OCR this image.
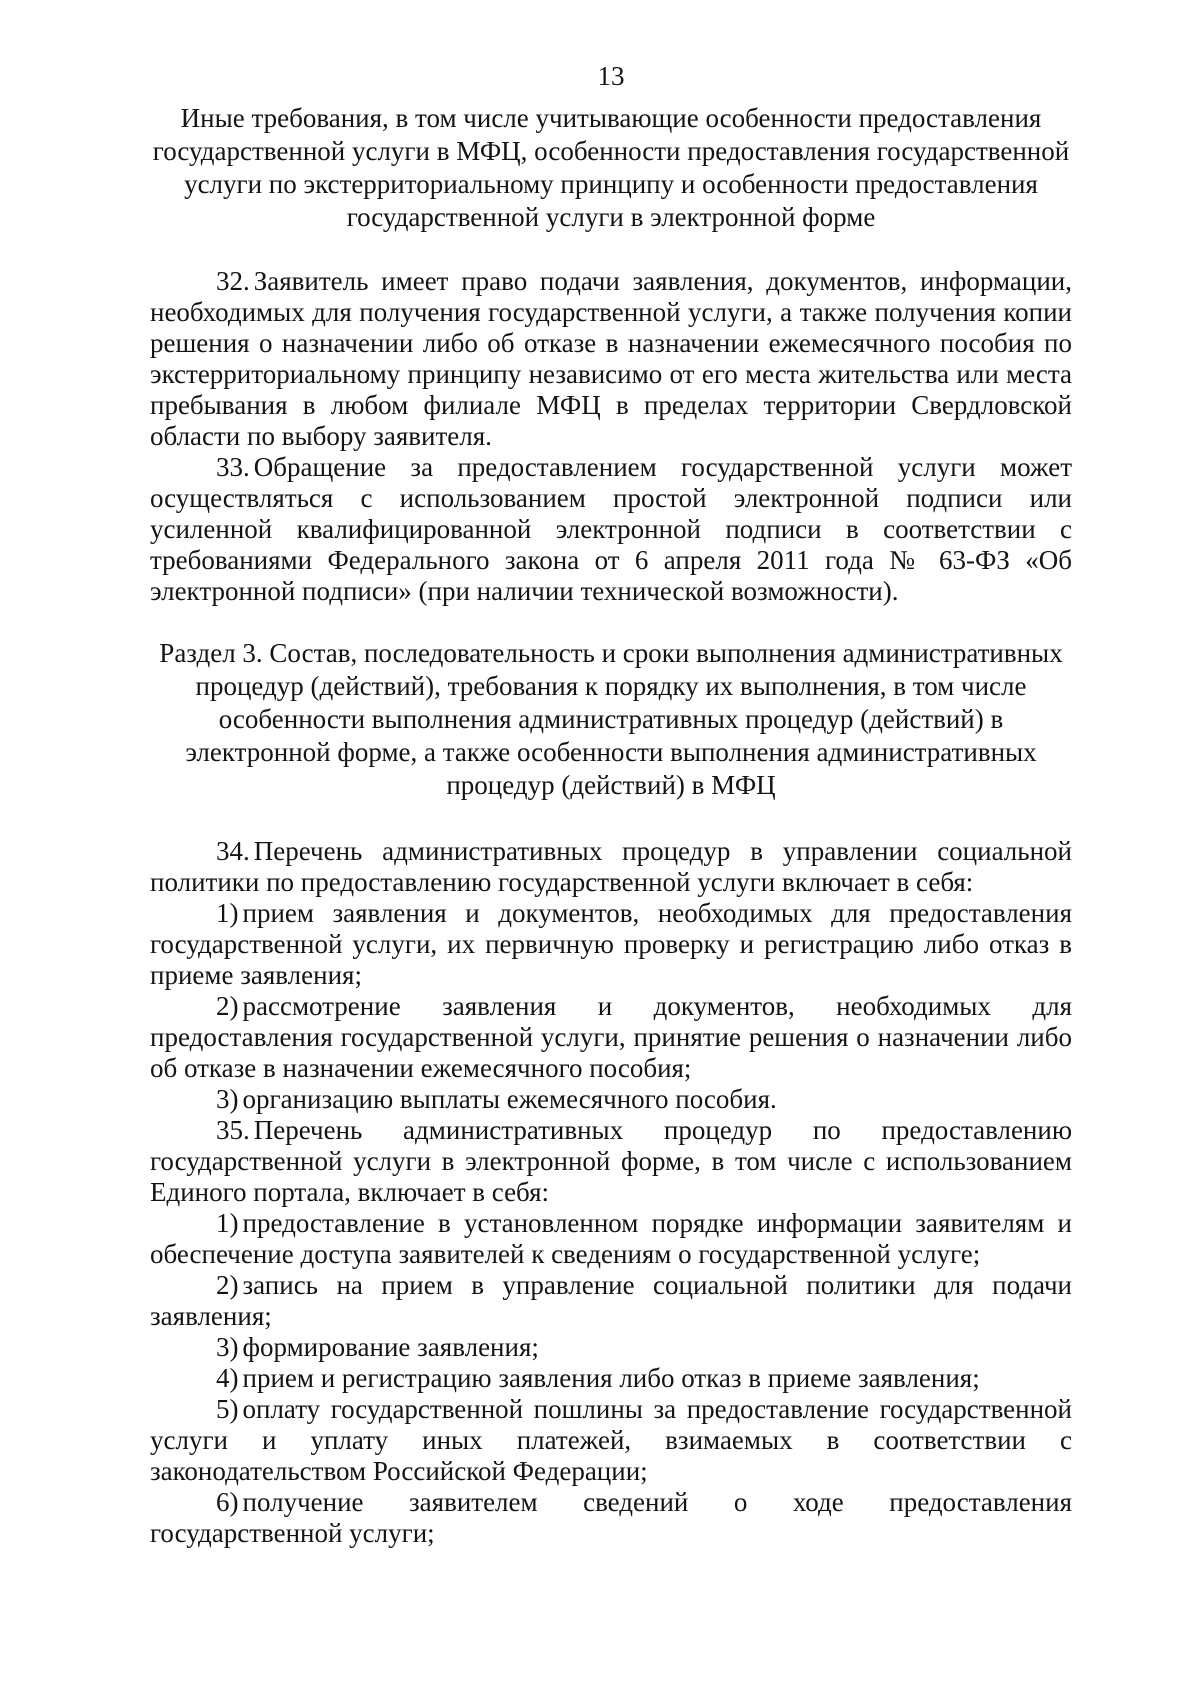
13

Иные требования, в том числе учитывающие особенности предоставления государственной услуги в МФЦ, особенности предоставления государственной услуги по экстерриториальному принципу и особенности предоставления государственной услуги в электронной форме

32. Заявитель имеет право подачи заявления, документов, информации, необходимых для получения государственной услуги, а также получения копии решения о назначении либо об отказе в назначении ежемесячного пособия по экстерриториальному принципу независимо от его места жительства или места пребывания в любом филиале МФЦ в пределах территории Свердловской области по выбору заявителя.

33. Обращение за предоставлением государственной услуги может осуществляться с использованием простой электронной подписи или усиленной квалифицированной электронной подписи в соответствии с требованиями Федерального закона от 6 апреля 2011 года № 63-ФЗ «Об электронной подписи» (при наличии технической возможности).

Раздел 3. Состав, последовательность и сроки выполнения административных процедур (действий), требования к порядку их выполнения, в том числе особенности выполнения административных процедур (действий) в электронной форме, а также особенности выполнения административных процедур (действий) в МФЦ

34. Перечень административных процедур в управлении социальной политики по предоставлению государственной услуги включает в себя:

1) прием заявления и документов, необходимых для предоставления государственной услуги, их первичную проверку и регистрацию либо отказ в приеме заявления;

2) рассмотрение заявления и документов, необходимых для предоставления государственной услуги, принятие решения о назначении либо об отказе в назначении ежемесячного пособия;

3) организацию выплаты ежемесячного пособия.

35. Перечень административных процедур по предоставлению государственной услуги в электронной форме, в том числе с использованием Единого портала, включает в себя:

1) предоставление в установленном порядке информации заявителям и обеспечение доступа заявителей к сведениям о государственной услуге;

2) запись на прием в управление социальной политики для подачи заявления;

3) формирование заявления;

4) прием и регистрацию заявления либо отказ в приеме заявления;

5) оплату государственной пошлины за предоставление государственной услуги и уплату иных платежей, взимаемых в соответствии с законодательством Российской Федерации;

6) получение заявителем сведений о ходе предоставления государственной услуги;
